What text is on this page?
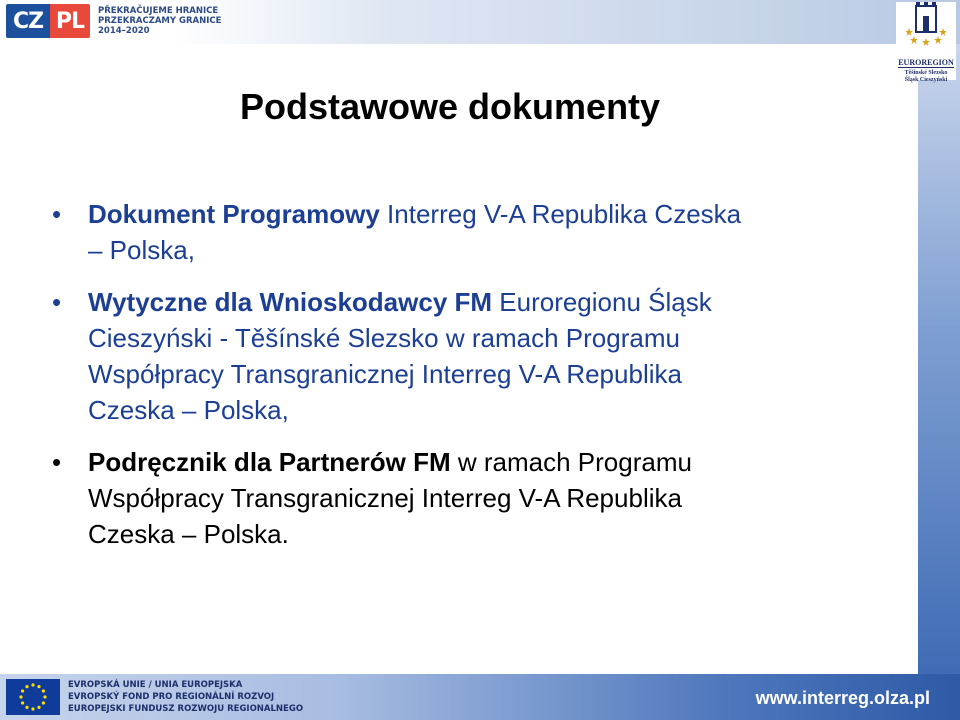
CZ PL	PŘEKRAČUJEME HRANICE
PRZEKRACZAMY GRANICE
2014–2020
EUROREGION
Těšínské Slezsko
Śląsk Cieszyński
Podstawowe dokumenty
• Dokument Programowy Interreg V-A Republika Czeska
– Polska,
• Wytyczne dla Wnioskodawcy FM Euroregionu Śląsk
Cieszyński - Těšínské Slezsko w ramach Programu
Współpracy Transgranicznej Interreg V-A Republika
Czeska – Polska,
• Podręcznik dla Partnerów FM w ramach Programu
Współpracy Transgranicznej Interreg V-A Republika
Czeska – Polska.
EVROPSKÁ UNIE / UNIA EUROPEJSKA
EVROPSKÝ FOND PRO REGIONÁLNÍ ROZVOJ
EUROPEJSKI FUNDUSZ ROZWOJU REGIONALNEGO
www.interreg.olza.pl
